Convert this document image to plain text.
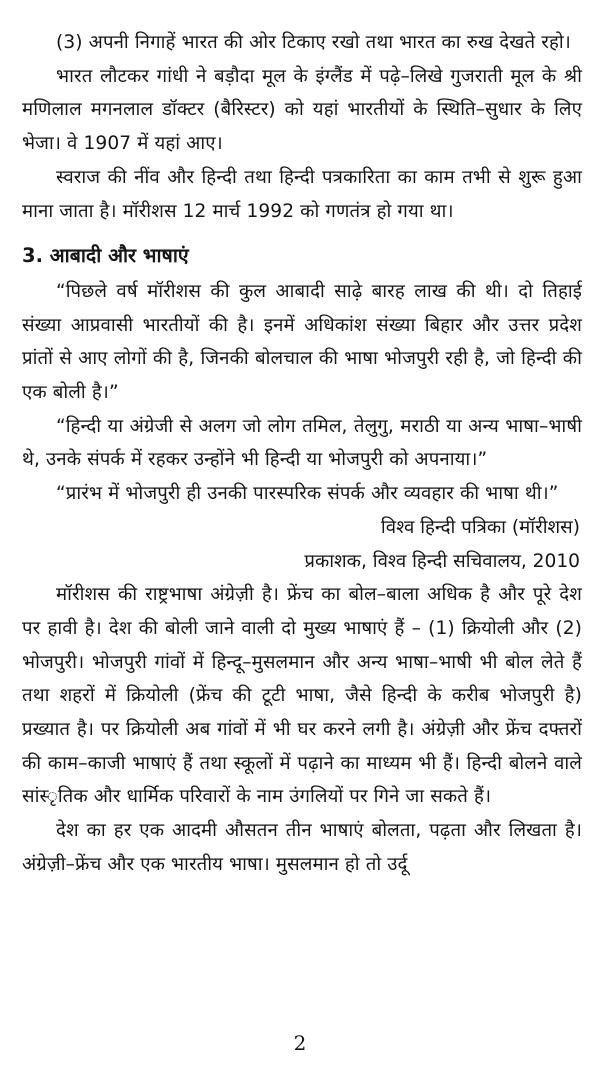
(3) अपनी निगाहें भारत की ओर टिकाए रखो तथा भारत का रुख देखते रहो।

भारत लौटकर गांधी ने बड़ौदा मूल के इंग्लैंड में पढ़े–लिखे गुजराती मूल के श्री मणिलाल मगनलाल डॉक्टर (बैरिस्टर) को यहां भारतीयों के स्थिति–सुधार के लिए भेजा। वे 1907 में यहां आए।

स्वराज की नींव और हिन्दी तथा हिन्दी पत्रकारिता का काम तभी से शुरू हुआ माना जाता है। मॉरीशस 12 मार्च 1992 को गणतंत्र हो गया था।

3. आबादी और भाषाएं

“पिछले वर्ष मॉरीशस की कुल आबादी साढ़े बारह लाख की थी। दो तिहाई संख्या आप्रवासी भारतीयों की है। इनमें अधिकांश संख्या बिहार और उत्तर प्रदेश प्रांतों से आए लोगों की है, जिनकी बोलचाल की भाषा भोजपुरी रही है, जो हिन्दी की एक बोली है।”

“हिन्दी या अंग्रेजी से अलग जो लोग तमिल, तेलुगु, मराठी या अन्य भाषा–भाषी थे, उनके संपर्क में रहकर उन्होंने भी हिन्दी या भोजपुरी को अपनाया।”

“प्रारंभ में भोजपुरी ही उनकी पारस्परिक संपर्क और व्यवहार की भाषा थी।”

विश्व हिन्दी पत्रिका (मॉरीशस)

प्रकाशक, विश्व हिन्दी सचिवालय, 2010

मॉरीशस की राष्ट्रभाषा अंग्रेज़ी है। फ्रेंच का बोल–बाला अधिक है और पूरे देश पर हावी है। देश की बोली जाने वाली दो मुख्य भाषाएं हैं – (1) क्रियोली और (2) भोजपुरी। भोजपुरी गांवों में हिन्दू–मुसलमान और अन्य भाषा–भाषी भी बोल लेते हैं तथा शहरों में क्रियोली (फ्रेंच की टूटी भाषा, जैसे हिन्दी के करीब भोजपुरी है) प्रख्यात है। पर क्रियोली अब गांवों में भी घर करने लगी है। अंग्रेज़ी और फ्रेंच दफ्तरों की काम–काजी भाषाएं हैं तथा स्कूलों में पढ़ाने का माध्यम भी हैं। हिन्दी बोलने वाले सांस्‍ृतिक और धार्मिक परिवारों के नाम उंगलियों पर गिने जा सकते हैं।

देश का हर एक आदमी औसतन तीन भाषाएं बोलता, पढ़ता और लिखता है। अंग्रेज़ी–फ्रेंच और एक भारतीय भाषा। मुसलमान हो तो उर्दू

2
